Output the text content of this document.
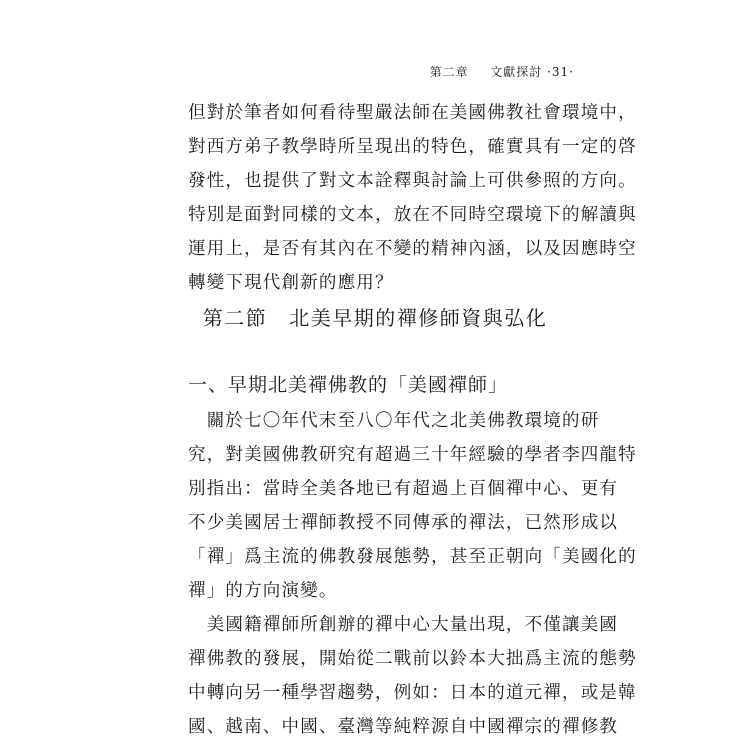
第二章 文獻探討 ·31·
但對於筆者如何看待聖嚴法師在美國佛教社會環境中，
對西方弟子教學時所呈現出的特色，確實具有一定的啓
發性，也提供了對文本詮釋與討論上可供參照的方向。
特別是面對同樣的文本，放在不同時空環境下的解讀與
運用上，是否有其內在不變的精神內涵，以及因應時空
轉變下現代創新的應用？
第二節 北美早期的禪修師資與弘化
一、早期北美禪佛教的「美國禪師」
　關於七〇年代末至八〇年代之北美佛教環境的研
究，對美國佛教研究有超過三十年經驗的學者李四龍特
別指出：當時全美各地已有超過上百個禪中心、更有
不少美國居士禪師教授不同傳承的禪法，已然形成以
「禪」爲主流的佛教發展態勢，甚至正朝向「美國化的
禪」的方向演變。
　美國籍禪師所創辦的禪中心大量出現，不僅讓美國
禪佛教的發展，開始從二戰前以鈴本大拙爲主流的態勢
中轉向另一種學習趨勢，例如：日本的道元禪，或是韓
國、越南、中國、臺灣等純粹源自中國禪宗的禪修教
